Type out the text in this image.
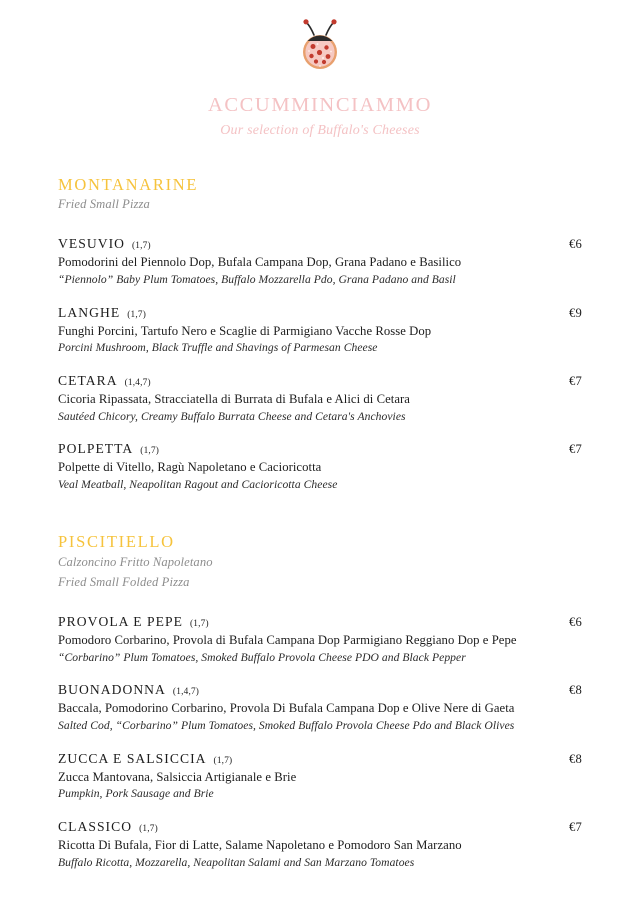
ACCUMMINCIAMMO
Our selection of Buffalo's Cheeses
MONTANARINE
Fried Small Pizza
VESUVIO (1,7)	€6
Pomodorini del Piennolo Dop, Bufala Campana Dop, Grana Padano e Basilico
“Piennolo” Baby Plum Tomatoes, Buffalo Mozzarella Pdo, Grana Padano and Basil
LANGHE (1,7)	€9
Funghi Porcini, Tartufo Nero e Scaglie di Parmigiano Vacche Rosse Dop
Porcini Mushroom, Black Truffle and Shavings of Parmesan Cheese
CETARA (1,4,7)	€7
Cicoria Ripassata, Stracciatella di Burrata di Bufala e Alici di Cetara
Sautéed Chicory, Creamy Buffalo Burrata Cheese and Cetara's Anchovies
POLPETTA (1,7)	€7
Polpette di Vitello, Ragù Napoletano e Cacioricotta
Veal Meatball, Neapolitan Ragout and Cacioricotta Cheese
PISCITIELLO
Calzoncino Fritto Napoletano
Fried Small Folded Pizza
PROVOLA E PEPE (1,7)	€6
Pomodoro Corbarino, Provola di Bufala Campana Dop Parmigiano Reggiano Dop e Pepe
“Corbarino” Plum Tomatoes, Smoked Buffalo Provola Cheese PDO and Black Pepper
BUONADONNA (1,4,7)	€8
Baccala, Pomodorino Corbarino, Provola Di Bufala Campana Dop e Olive Nere di Gaeta
Salted Cod, “Corbarino” Plum Tomatoes, Smoked Buffalo Provola Cheese Pdo and Black Olives
ZUCCA E SALSICCIA (1,7)	€8
Zucca Mantovana, Salsiccia Artigianale e Brie
Pumpkin, Pork Sausage and Brie
CLASSICO (1,7)	€7
Ricotta Di Bufala, Fior di Latte, Salame Napoletano e Pomodoro San Marzano
Buffalo Ricotta, Mozzarella, Neapolitan Salami and San Marzano Tomatoes
